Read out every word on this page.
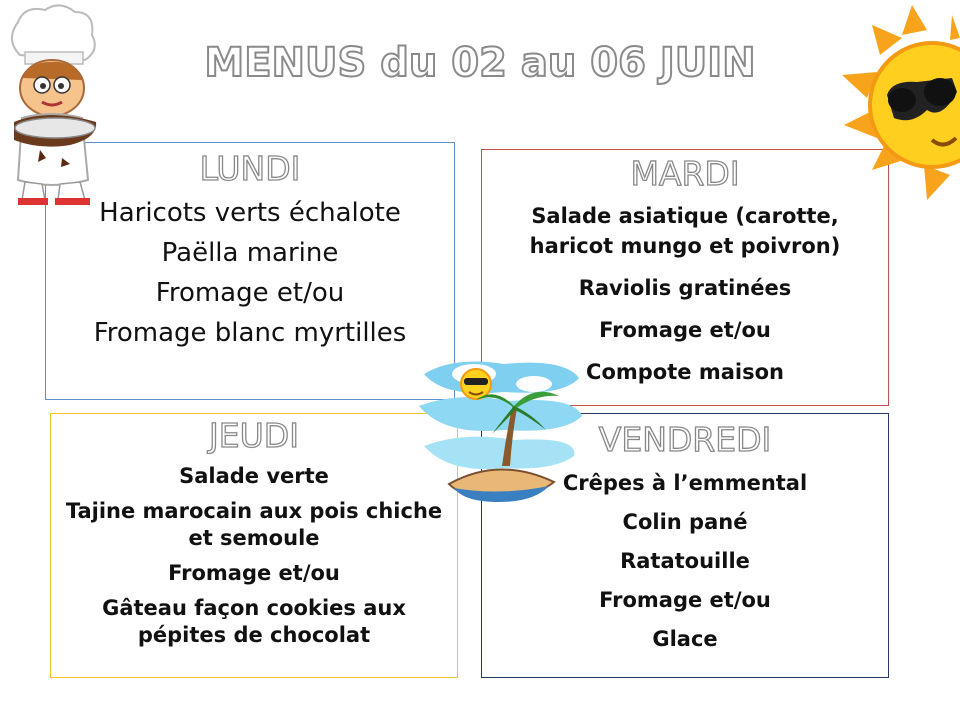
MENUS du 02 au 06 JUIN
LUNDI
Haricots verts échalote
Paëlla marine
Fromage et/ou
Fromage blanc myrtilles
MARDI
Salade asiatique (carotte, haricot mungo et poivron)
Raviolis gratinées
Fromage et/ou
Compote maison
JEUDI
Salade verte
Tajine marocain aux pois chiche et semoule
Fromage et/ou
Gâteau façon cookies aux pépites de chocolat
VENDREDI
Crêpes à l’emmental
Colin pané
Ratatouille
Fromage et/ou
Glace
